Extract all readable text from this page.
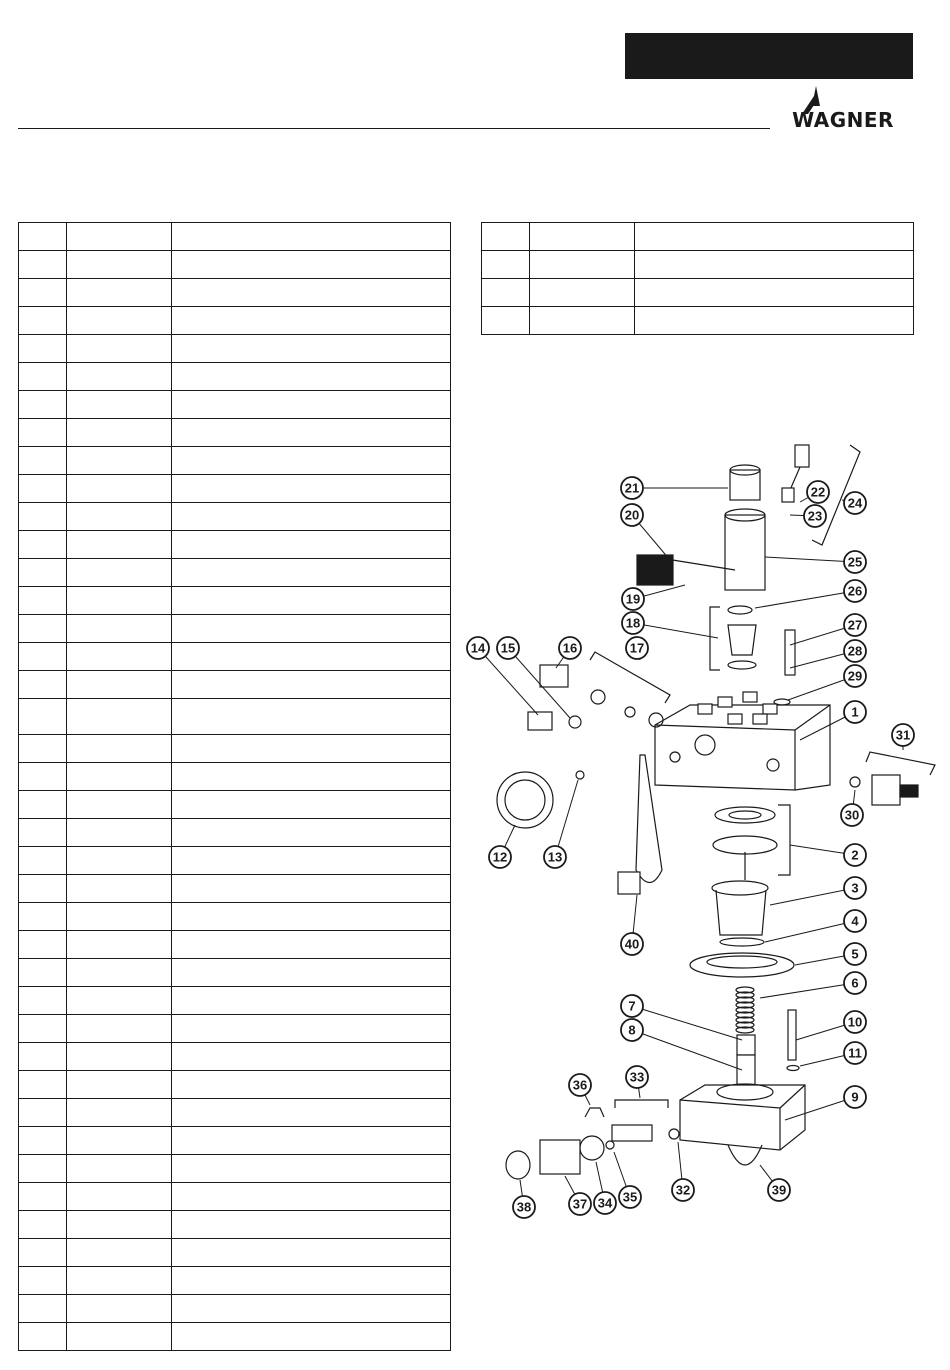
WAGNER

1
2
3
4
5
6
7
8
9
10
11
12	13
14 15	16	17
18
19
20
21	22
23
24
25
26
27
28
29
30
31
32
33
34 35
36
37
38
39
40
